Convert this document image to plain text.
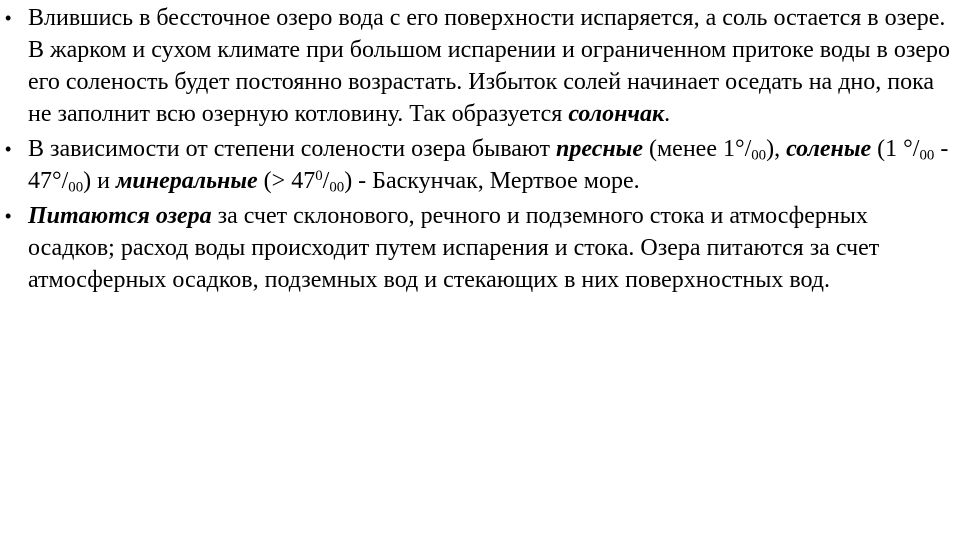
• Влившись в бессточное озеро вода с его поверхности испаряется, а соль остается в озере. В жарком и сухом климате при большом испарении и ограниченном притоке воды в озеро его соленость будет постоянно возрастать. Избыток солей начинает оседать на дно, пока не заполнит всю озерную котловину. Так образуется солончак.
• В зависимости от степени солености озера бывают пресные (менее $1^\circ/_{00}$), соленые (1 $^\circ/_{00} - 47^\circ/_{00}$) и минеральные (> $47^0/_{00}$) - Баскунчак, Мертвое море.
• Питаются озера за счет склонового, речного и подземного стока и атмосферных осадков; расход воды происходит путем испарения и стока. Озера питаются за счет атмосферных осадков, подземных вод и стекающих в них поверхностных вод.
